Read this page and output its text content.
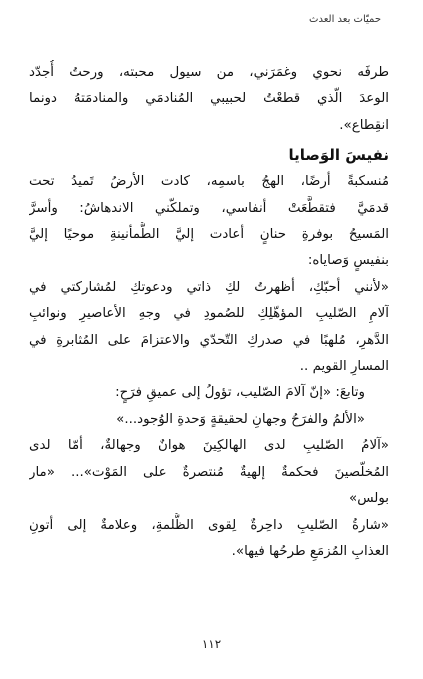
حميّات بعد العدث
طرفَه نحوي وغمَرَني، من سيول محبته، ورحتُ أُجدّد
الوعدَ الّذي قطعْتُ لحبيبي المُنادمَي والمنادمَتهُ دونما
انقِطاع».
نفيسَ الوَصايا
مُنسكبةً أرضًا، الهجُ باسمِه، كادت الأرضُ تَميدُ تحت
قدمَيَّ فتقطَّعَتْ أنفاسي، وتملكّني الاندهاشُ: وأسرَّ
المَسيحُ بوفرةِ حنانٍ أعادت إليَّ الطُّمأنينةِ موحيًا إليَّ
بنفيسٍ وَصاياه:
«لأنني أحبّكِ، أظهرتُ لكِ ذاتي ودعوتكِ لمُشاركتي في
آلامِ الصّليبِ المؤهّلِكِ للصُمودِ في وجهِ الأعاصيرِ ونوائبِ
الدَّهرِ، مُلهبًا في صدركِ التّحدّي والاعتزامَ على المُثابرةِ في
المسارِ القويم ..
وتابعَ: «إنّ آلامَ الصّليب، تؤولُ إلى عميقِ فرَحٍ:
«الألمُ والفرَحُ وجهانِ لحقيقةٍ وَحدةِ الوُجود...»
«آلامُ الصّليبِ لدى الهالكِينَ هوانٌ وجهالةٌ، أمّا لدى
المُخلّصينَ فحكمةٌ إلهيةٌ مُنتصرةٌ على المَوْت»... «مار
بولس»
«شارةُ الصّليبِ داحِرةٌ لِقوى الظُّلمةِ، وعلامةٌ إلى أتونِ
العذابِ المُزمَعِ طرحُها فيها».
١١٢
